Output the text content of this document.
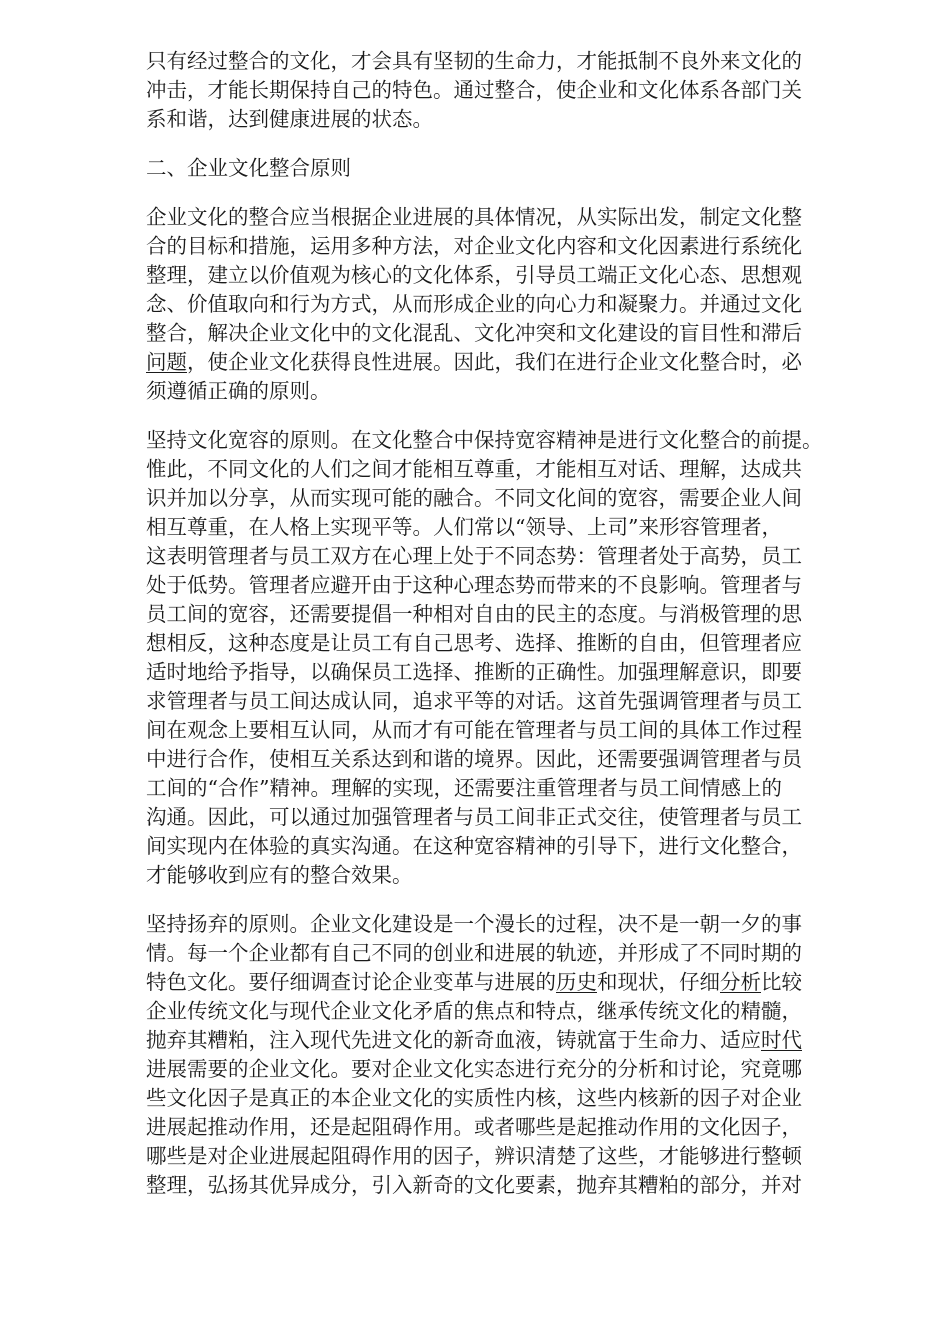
只有经过整合的文化，才会具有坚韧的生命力，才能抵制不良外来文化的
冲击，才能长期保持自己的特色。通过整合，使企业和文化体系各部门关
系和谐，达到健康进展的状态。
二、企业文化整合原则
企业文化的整合应当根据企业进展的具体情况，从实际出发，制定文化整
合的目标和措施，运用多种方法，对企业文化内容和文化因素进行系统化
整理，建立以价值观为核心的文化体系，引导员工端正文化心态、思想观
念、价值取向和行为方式，从而形成企业的向心力和凝聚力。并通过文化
整合，解决企业文化中的文化混乱、文化冲突和文化建设的盲目性和滞后
问题，使企业文化获得良性进展。因此，我们在进行企业文化整合时，必
须遵循正确的原则。
坚持文化宽容的原则。在文化整合中保持宽容精神是进行文化整合的前提。
惟此，不同文化的人们之间才能相互尊重，才能相互对话、理解，达成共
识并加以分享，从而实现可能的融合。不同文化间的宽容，需要企业人间
相互尊重，在人格上实现平等。人们常以“领导、上司”来形容管理者，
这表明管理者与员工双方在心理上处于不同态势：管理者处于高势，员工
处于低势。管理者应避开由于这种心理态势而带来的不良影响。管理者与
员工间的宽容，还需要提倡一种相对自由的民主的态度。与消极管理的思
想相反，这种态度是让员工有自己思考、选择、推断的自由，但管理者应
适时地给予指导，以确保员工选择、推断的正确性。加强理解意识，即要
求管理者与员工间达成认同，追求平等的对话。这首先强调管理者与员工
间在观念上要相互认同，从而才有可能在管理者与员工间的具体工作过程
中进行合作，使相互关系达到和谐的境界。因此，还需要强调管理者与员
工间的“合作”精神。理解的实现，还需要注重管理者与员工间情感上的
沟通。因此，可以通过加强管理者与员工间非正式交往，使管理者与员工
间实现内在体验的真实沟通。在这种宽容精神的引导下，进行文化整合，
才能够收到应有的整合效果。
坚持扬弃的原则。企业文化建设是一个漫长的过程，决不是一朝一夕的事
情。每一个企业都有自己不同的创业和进展的轨迹，并形成了不同时期的
特色文化。要仔细调查讨论企业变革与进展的历史和现状，仔细分析比较
企业传统文化与现代企业文化矛盾的焦点和特点，继承传统文化的精髓，
抛弃其糟粕，注入现代先进文化的新奇血液，铸就富于生命力、适应时代
进展需要的企业文化。要对企业文化实态进行充分的分析和讨论，究竟哪
些文化因子是真正的本企业文化的实质性内核，这些内核新的因子对企业
进展起推动作用，还是起阻碍作用。或者哪些是起推动作用的文化因子，
哪些是对企业进展起阻碍作用的因子，辨识清楚了这些，才能够进行整顿
整理，弘扬其优异成分，引入新奇的文化要素，抛弃其糟粕的部分，并对
